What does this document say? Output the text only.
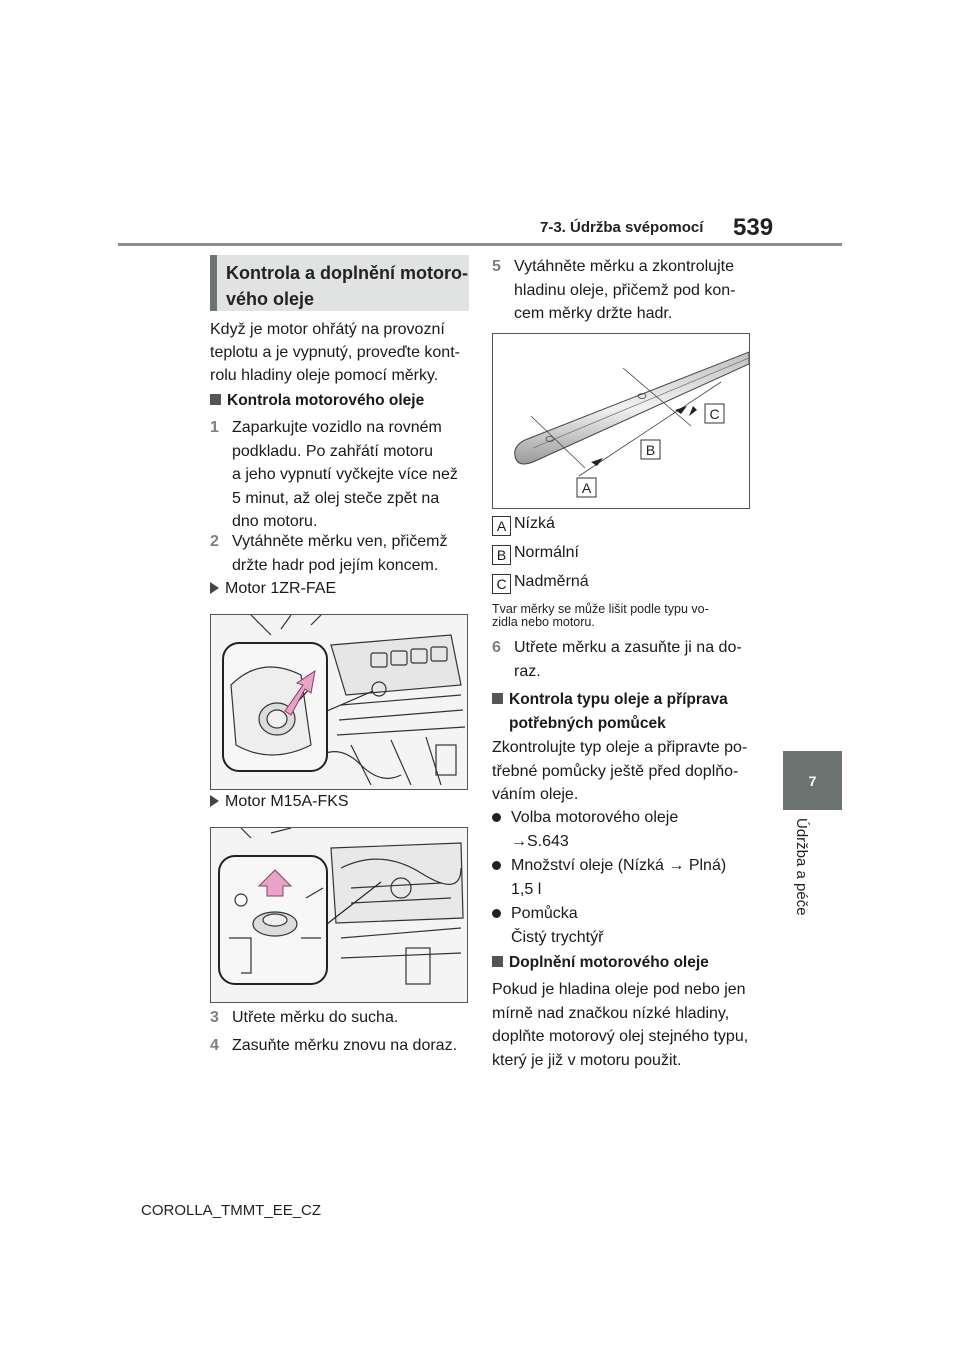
7-3. Údržba svépomocí 539
7
Údržba a péče
Kontrola a doplnění motoro-
vého oleje
Když je motor ohřátý na provozní
teplotu a je vypnutý, proveďte kont-
rolu hladiny oleje pomocí měrky.
Kontrola motorového oleje
1 Zaparkujte vozidlo na rovném
podkladu. Po zahřátí motoru
a jeho vypnutí vyčkejte více než
5 minut, až olej steče zpět na
dno motoru.
2 Vytáhněte měrku ven, přičemž
držte hadr pod jejím koncem.
Motor 1ZR-FAE
Motor M15A-FKS
3 Utřete měrku do sucha.
4 Zasuňte měrku znovu na doraz.
5 Vytáhněte měrku a zkontrolujte
hladinu oleje, přičemž pod kon-
cem měrky držte hadr.
A
B
C
A Nízká
B Normální
C Nadměrná
Tvar měrky se může lišit podle typu vo-
zidla nebo motoru.
6 Utřete měrku a zasuňte ji na do-
raz.
Kontrola typu oleje a příprava
potřebných pomůcek
Zkontrolujte typ oleje a připravte po-
třebné pomůcky ještě před doplňo-
váním oleje.
Volba motorového oleje
→S.643
Množství oleje (Nízká → Plná)
1,5 l
Pomůcka
Čistý trychtýř
Doplnění motorového oleje
Pokud je hladina oleje pod nebo jen
mírně nad značkou nízké hladiny,
doplňte motorový olej stejného typu,
který je již v motoru použit.
COROLLA_TMMT_EE_CZ
